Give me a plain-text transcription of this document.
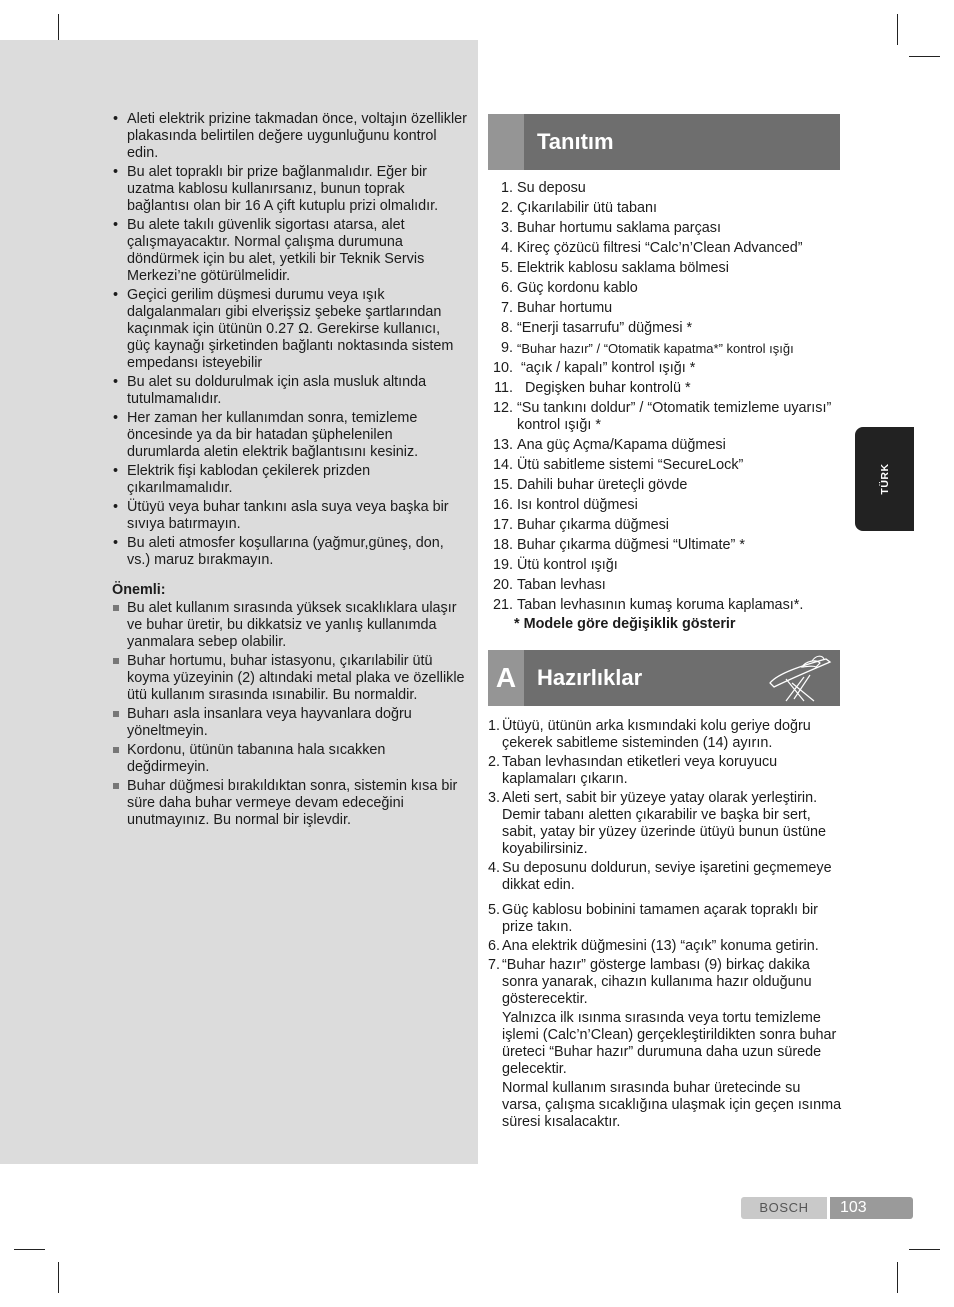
• Aleti elektrik prizine takmadan önce, voltajın özellikler plakasında belirtilen değere uygunluğunu kontrol edin.
• Bu alet topraklı bir prize bağlanmalıdır. Eğer bir uzatma kablosu kullanırsanız, bunun toprak bağlantısı olan bir 16 A çift kutuplu prizi olmalıdır.
• Bu alete takılı güvenlik sigortası atarsa, alet çalışmayacaktır. Normal çalışma durumuna döndürmek için bu alet, yetkili bir Teknik Servis Merkezi’ne götürülmelidir.
• Geçici gerilim düşmesi durumu veya ışık dalgalanmaları gibi elverişsiz şebeke şartlarından kaçınmak için ütünün 0.27 Ω. Gerekirse kullanıcı, güç kaynağı şirketinden bağlantı noktasında sistem empedansı isteyebilir
• Bu alet su doldurulmak için asla musluk altında tutulmamalıdır.
• Her zaman her kullanımdan sonra, temizleme öncesinde ya da bir hatadan şüphelenilen durumlarda aletin elektrik bağlantısını kesiniz.
• Elektrik fişi kablodan çekilerek prizden çıkarılmamalıdır.
• Ütüyü veya buhar tankını asla suya veya başka bir sıvıya batırmayın.
• Bu aleti atmosfer koşullarına (yağmur,güneş, don, vs.) maruz bırakmayın.
Önemli:
Bu alet kullanım sırasında yüksek sıcaklıklara ulaşır ve buhar üretir, bu dikkatsiz ve yanlış kullanımda yanmalara sebep olabilir.
Buhar hortumu, buhar istasyonu, çıkarılabilir ütü koyma yüzeyinin (2) altındaki metal plaka ve özellikle ütü kullanım sırasında ısınabilir. Bu normaldir.
Buharı asla insanlara veya hayvanlara doğru yöneltmeyin.
Kordonu, ütünün tabanına hala sıcakken değdirmeyin.
Buhar düğmesi bırakıldıktan sonra, sistemin kısa bir süre daha buhar vermeye devam edeceğini unutmayınız. Bu normal bir işlevdir.
Tanıtım
1. Su deposu
2. Çıkarılabilir ütü tabanı
3. Buhar hortumu saklama parçası
4. Kireç çözücü filtresi “Calc’n’Clean Advanced”
5. Elektrik kablosu saklama bölmesi
6. Güç kordonu kablo
7. Buhar hortumu
8. “Enerji tasarrufu” düğmesi *
9. “Buhar hazır” / “Otomatik kapatma*” kontrol ışığı
10. “açık / kapalı” kontrol ışığı *
11. Degişken buhar kontrolü *
12. “Su tankını doldur” / “Otomatik temizleme uyarısı” kontrol ışığı *
13. Ana güç Açma/Kapama düğmesi
14. Ütü sabitleme sistemi “SecureLock”
15. Dahili buhar üreteçli gövde
16. Isı kontrol düğmesi
17. Buhar çıkarma düğmesi
18. Buhar çıkarma düğmesi “Ultimate” *
19. Ütü kontrol ışığı
20. Taban levhası
21. Taban levhasının kumaş koruma kaplaması*.
* Modele göre değişiklik gösterir
A Hazırlıklar
1. Ütüyü, ütünün arka kısmındaki kolu geriye doğru çekerek sabitleme sisteminden (14) ayırın.

2. Taban levhasından etiketleri veya koruyucu kaplamaları çıkarın.

3. Aleti sert, sabit bir yüzeye yatay olarak yerleştirin. Demir tabanı aletten çıkarabilir ve başka bir sert, sabit, yatay bir yüzey üzerinde ütüyü bunun üstüne koyabilirsiniz.

4. Su deposunu doldurun, seviye işaretini geçmemeye dikkat edin.

5. Güç kablosu bobinini tamamen açarak topraklı bir prize takın.

6. Ana elektrik düğmesini (13) “açık” konuma getirin.

7. “Buhar hazır” gösterge lambası (9) birkaç dakika sonra yanarak, cihazın kullanıma hazır olduğunu gösterecektir.

Yalnızca ilk ısınma sırasında veya tortu temizleme işlemi (Calc’n’Clean) gerçekleştirildikten sonra buhar üreteci “Buhar hazır” durumuna daha uzun sürede gelecektir.

Normal kullanım sırasında buhar üretecinde su varsa, çalışma sıcaklığına ulaşmak için geçen ısınma süresi kısalacaktır.

TÜRK
BOSCH	103
